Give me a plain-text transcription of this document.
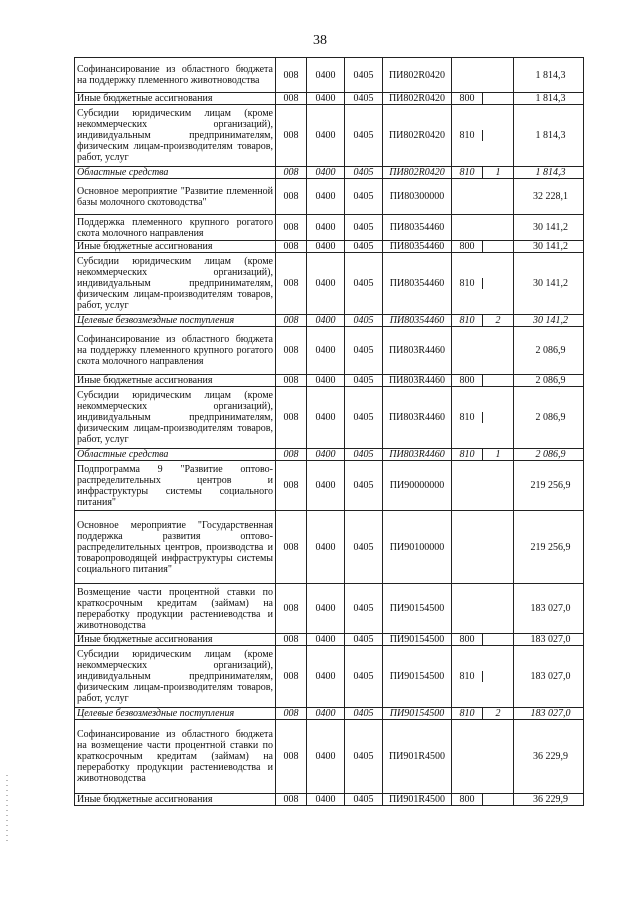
38
Софинансирование из областного бюджета на поддержку племенного животноводства	008	0400	0405	ПИ802R0420		1 814,3
Иные бюджетные ассигнования	008	0400	0405	ПИ802R0420	800	1 814,3
Субсидии юридическим лицам (кроме некоммерческих организаций), индивидуальным предпринимателям, физическим лицам-производителям товаров, работ, услуг	008	0400	0405	ПИ802R0420	810	1 814,3
Областные средства	008	0400	0405	ПИ802R0420	810 1	1 814,3
Основное мероприятие "Развитие племенной базы молочного скотоводства"	008	0400	0405	ПИ80300000		32 228,1
Поддержка племенного крупного рогатого скота молочного направления	008	0400	0405	ПИ80354460		30 141,2
Иные бюджетные ассигнования	008	0400	0405	ПИ80354460	800	30 141,2
Субсидии юридическим лицам (кроме некоммерческих организаций), индивидуальным предпринимателям, физическим лицам-производителям товаров, работ, услуг	008	0400	0405	ПИ80354460	810	30 141,2
Целевые безвозмездные поступления	008	0400	0405	ПИ80354460	810 2	30 141,2
Софинансирование из областного бюджета на поддержку племенного крупного рогатого скота молочного направления	008	0400	0405	ПИ803R4460		2 086,9
Иные бюджетные ассигнования	008	0400	0405	ПИ803R4460	800	2 086,9
Субсидии юридическим лицам (кроме некоммерческих организаций), индивидуальным предпринимателям, физическим лицам-производителям товаров, работ, услуг	008	0400	0405	ПИ803R4460	810	2 086,9
Областные средства	008	0400	0405	ПИ803R4460	810 1	2 086,9
Подпрограмма 9 "Развитие оптово-распределительных центров и инфраструктуры системы социального питания"	008	0400	0405	ПИ90000000		219 256,9
Основное мероприятие "Государственная поддержка развития оптово-распределительных центров, производства и товаропроводящей инфраструктуры системы социального питания"	008	0400	0405	ПИ90100000		219 256,9
Возмещение части процентной ставки по краткосрочным кредитам (займам) на переработку продукции растениеводства и животноводства	008	0400	0405	ПИ90154500		183 027,0
Иные бюджетные ассигнования	008	0400	0405	ПИ90154500	800	183 027,0
Субсидии юридическим лицам (кроме некоммерческих организаций), индивидуальным предпринимателям, физическим лицам-производителям товаров, работ, услуг	008	0400	0405	ПИ90154500	810	183 027,0
Целевые безвозмездные поступления	008	0400	0405	ПИ90154500	810 2	183 027,0
Софинансирование из областного бюджета на возмещение части процентной ставки по краткосрочным кредитам (займам) на переработку продукции растениеводства и животноводства	008	0400	0405	ПИ901R4500		36 229,9
Иные бюджетные ассигнования	008	0400	0405	ПИ901R4500	800	36 229,9
